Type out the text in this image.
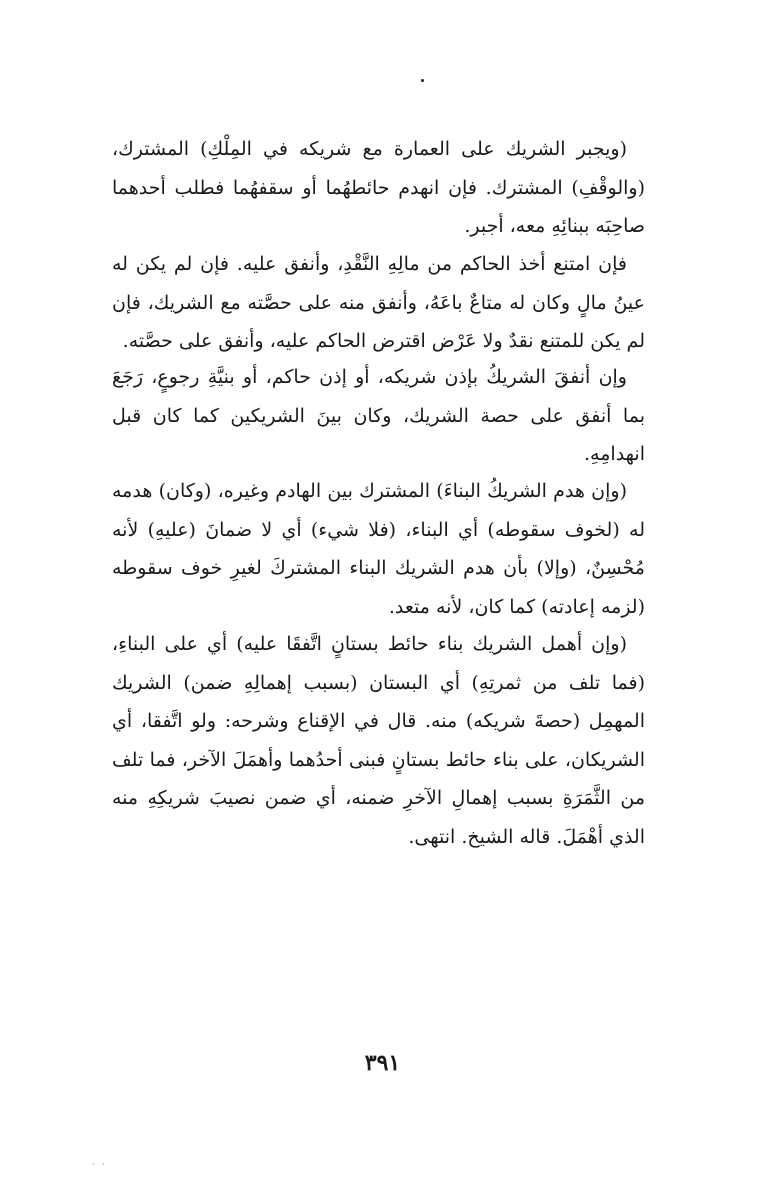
(ويجبر الشريك على العمارة مع شريكه في المِلْكِ) المشترك، (والوقْفِ) المشترك. فإن انهدم حائطهُما أو سقفهُما فطلب أحدهما صاحِبَه ببنائِهِ معه، أجبر.

فإن امتنع أخذ الحاكم من مالِهِ النَّقْدِ، وأنفق عليه. فإن لم يكن له عينُ مالٍ وكان له متاعٌ باعَهُ، وأنفق منه على حصَّته مع الشريك، فإن لم يكن للمتنع نقدٌ ولا عَرْض اقترض الحاكم عليه، وأنفق على حصَّته.

وإن أنفقَ الشريكُ بإذن شريكه، أو إذن حاكم، أو بنيَّةِ رجوعٍ، رَجَعَ بما أنفق على حصة الشريك، وكان بينَ الشريكين كما كان قبل انهدامِهِ.

(وإن هدم الشريكُ البناءَ) المشترك بين الهادم وغيره، (وكان) هدمه له (لخوف سقوطه) أي البناء، (فلا شيء) أي لا ضمانَ (عليهِ) لأنه مُحْسِنٌ، (وإلا) بأن هدم الشريك البناء المشتركَ لغيرِ خوف سقوطه (لزمه إعادته) كما كان، لأنه متعد.

(وإن أهمل الشريك بناء حائط بستانٍ اتَّفقَا عليه) أي على البناءِ، (فما تلف من ثمرتِهِ) أي البستان (بسبب إهمالِهِ ضمن) الشريك المهمِل (حصةَ شريكه) منه. قال في الإقناع وشرحه: ولو اتَّفقا، أي الشريكان، على بناء حائط بستانٍ فبنى أحدُهما وأهمَلَ الآخر، فما تلف من الثَّمَرَةِ بسبب إهمالِ الآخرِ ضمنه، أي ضمن نصيبَ شريكِهِ منه الذي أهْمَلَ. قاله الشيخ. انتهى.

٣٩١
· ·
